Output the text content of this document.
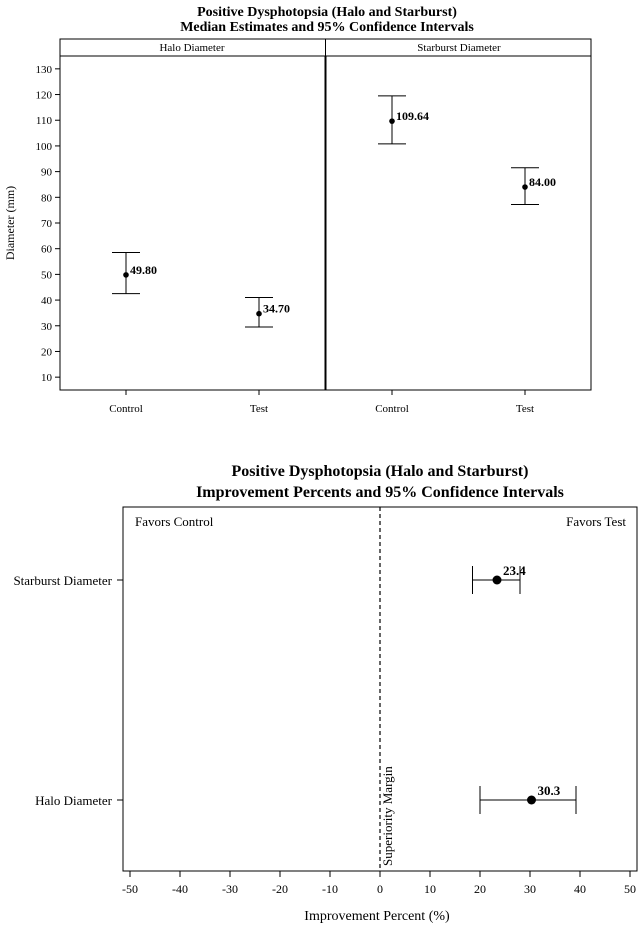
Positive Dysphotopsia (Halo and Starburst)
Median Estimates and 95% Confidence Intervals
Halo Diameter	Starburst Diameter
10
20
30
40
50
60
70
80
90
100
110
120
130
Control	Test	Control	Test
49.80
34.70
109.64
84.00
Diameter (mm)
Positive Dysphotopsia (Halo and Starburst)
Improvement Percents and 95% Confidence Intervals
Favors Control	Favors Test
-50	-40	-30	-20	-10	0	10	20	30	40	50
Superiority Margin
Starburst Diameter
Halo Diameter
23.4
30.3
Improvement Percent (%)
